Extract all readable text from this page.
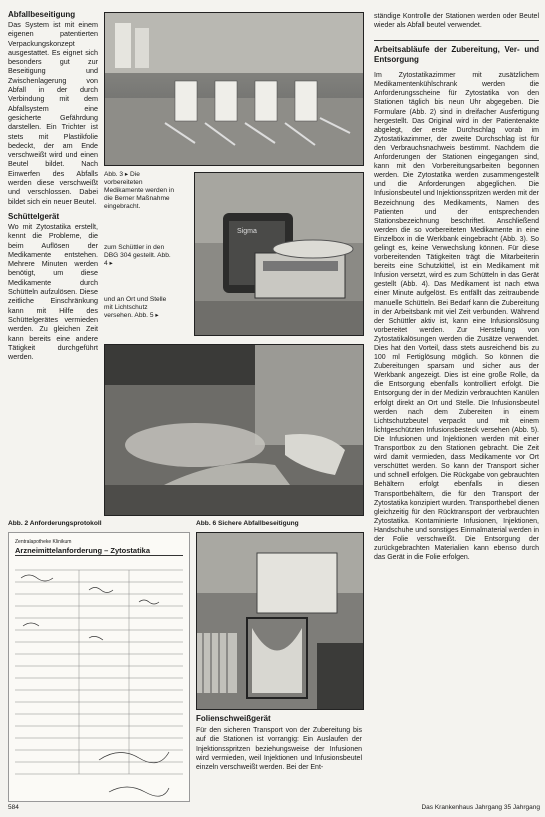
Abfallbeseitigung

Das System ist mit einem eigenen patentierten Verpackungskonzept ausgestattet. Es eignet sich besonders gut zur Beseitigung und Zwischenlagerung von Abfall in der durch Verbindung mit dem Abfallsystem eine gesicherte Gefährdung darstellen. Ein Trichter ist stets mit Plastikfolie bedeckt, der am Ende verschweißt wird und einen Beutel bildet. Nach Einwerfen des Abfalls werden diese verschweißt und verschlossen. Dabei bildet sich ein neuer Beutel.

Schüttelgerät

Wo mit Zytostatika erstellt, kennt die Probleme, die beim Auflösen der Medikamente entstehen. Mehrere Minuten werden benötigt, um diese Medikamente durch Schütteln aufzulösen. Diese zeitliche Einschränkung kann mit Hilfe des Schüttelgerätes vermieden werden. Zu gleichen Zeit kann bereits eine andere Tätigkeit durchgeführt werden.

Abb. 3 ▸ Die vorbereiteten Medikamente werden in die Berner Maßnahme eingebracht.
zum Schüttler in den DBG 304 gestellt. Abb. 4 ▸
und an Ort und Stelle mit Lichtschutz versehen. Abb. 5 ▸
Sigma
Abb. 2 Anforderungsprotokoll
Zentralapotheke Klinikum
Arzneimittelanforderung – Zytostatika
Abb. 6 Sichere Abfallbeseitigung

Folienschweißgerät

Für den sicheren Transport von der Zubereitung bis auf die Stationen ist vorrangig: Ein Auslaufen der Injektionsspritzen beziehungsweise der Infusionen wird vermieden, weil Injektionen und Infusionsbeutel einzeln verschweißt werden. Bei der Ent-

ständige Kontrolle der Stationen werden oder Beutel wieder als Abfall beutel verwendet.

Arbeitsabläufe der Zubereitung, Ver- und Entsorgung

Im Zytostatikazimmer mit zusätzlichem Medikamentenkühlschrank werden die Anforderungsscheine für Zytostatika von den Stationen täglich bis neun Uhr abgegeben. Die Formulare (Abb. 2) sind in dreifacher Ausfertigung hergestellt. Das Original wird in der Patientenakte abgelegt, der erste Durchschlag vorab im Zytostatikazimmer, der zweite Durchschlag ist für den Verbrauchsnachweis bestimmt. Nachdem die Anforderungen der Stationen eingegangen sind, kann mit den Vorbereitungsarbeiten begonnen werden. Die Zytostatika werden zusammengestellt und die Anforderungen abgeglichen. Die Infusionsbeutel und Injektionsspritzen werden mit der Bezeichnung des Medikaments, Namen des Patienten und der entsprechenden Stationsbezeichnung beschriftet. Anschließend werden die so vorbereiteten Medikamente in eine Einzelbox in die Werkbank eingebracht (Abb. 3). So gelingt es, keine Verwechslung können. Für diese vorbereitenden Tätigkeiten trägt die Mitarbeiterin bereits eine Schutzkittel, ist ein Medikament mit Infusion versetzt, wird es zum Schütteln in das Gerät gestellt (Abb. 4). Das Medikament ist nach etwa einer Minute aufgelöst. Es entfällt das zeitraubende manuelle Schütteln. Bei Bedarf kann die Zubereitung in der Arbeitsbank mit viel Zeit verbunden. Während der Schüttler aktiv ist, kann eine Infusionslösung vorbereitet werden. Zur Herstellung von Zytostatikalösungen werden die Zusätze verwendet. Dies hat den Vorteil, dass stets ausreichend bis zu 100 ml Fertiglösung möglich. So können die Zubereitungen sparsam und sicher aus der Werkbank angezeigt. Dies ist eine große Rolle, da die Entsorgung ebenfalls kontrolliert erfolgt. Die Entsorgung der in der Medizin verbrauchten Kanülen erfolgt direkt an Ort und Stelle. Die Infusionsbeutel werden nach dem Zubereiten in einem Lichtschutzbeutel verpackt und mit einem lichtgeschützten Infusionsbesteck versehen (Abb. 5). Die Infusionen und Injektionen werden mit einer Transportbox zu den Stationen gebracht. Die Zeit wird damit vermieden, dass Medikamente vor Ort verschüttet werden. So kann der Transport sicher und schnell erfolgen. Die Rückgabe von gebrauchten Behältern erfolgt ebenfalls in diesen Transportbehältern, die für den Transport der Zytostatika konzipiert wurden. Transporthebel dienen gleichzeitig für den Rücktransport der verbrauchten Zytostatika. Kontaminierte Infusionen, Injektionen, Handschuhe und sonstiges Einmalmaterial werden in der Folie verschweißt. Die Entsorgung der zurückgebrachten Materialien kann ebenso durch das Gerät in die Folie erfolgen.

584	Das Krankenhaus Jahrgang 35 Jahrgang
